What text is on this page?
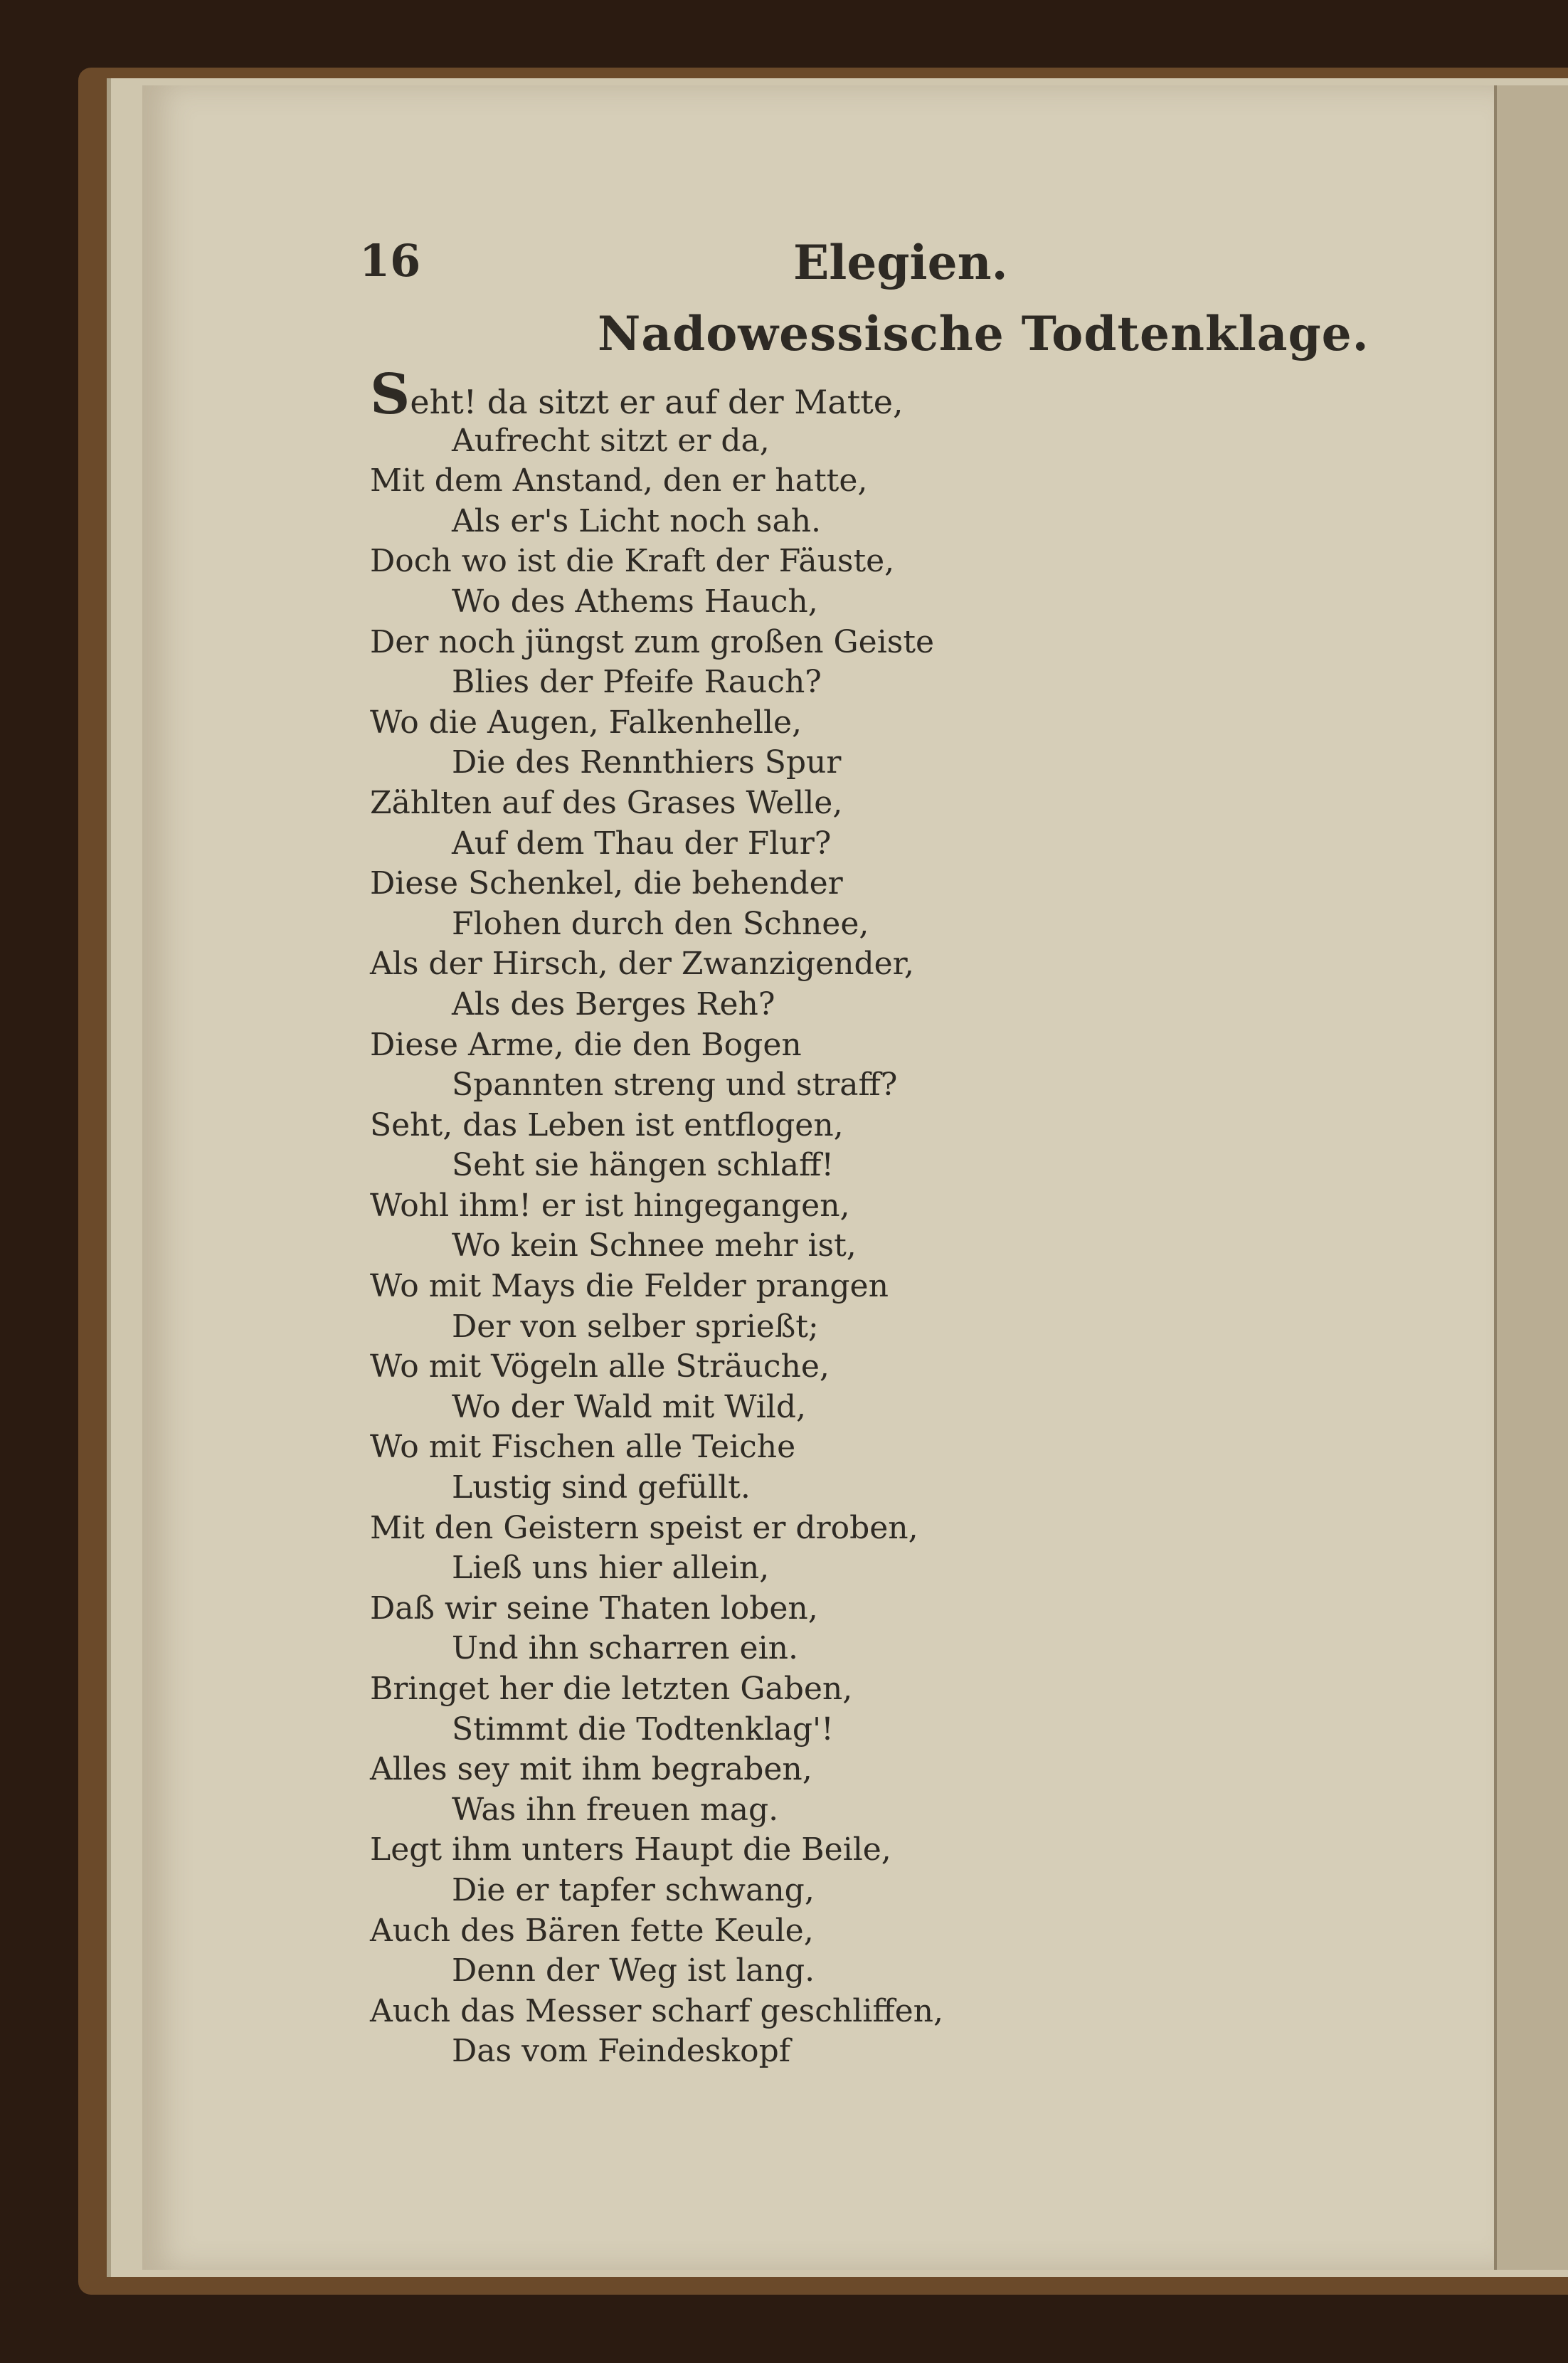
16	Elegien.
Nadowessische Todtenklage.
Seht! da sitzt er auf der Matte,
Aufrecht sitzt er da,
Mit dem Anstand, den er hatte,
Als er's Licht noch sah.
Doch wo ist die Kraft der Fäuste,
Wo des Athems Hauch,
Der noch jüngst zum großen Geiste
Blies der Pfeife Rauch?
Wo die Augen, Falkenhelle,
Die des Rennthiers Spur
Zählten auf des Grases Welle,
Auf dem Thau der Flur?
Diese Schenkel, die behender
Flohen durch den Schnee,
Als der Hirsch, der Zwanzigender,
Als des Berges Reh?
Diese Arme, die den Bogen
Spannten streng und straff?
Seht, das Leben ist entflogen,
Seht sie hängen schlaff!
Wohl ihm! er ist hingegangen,
Wo kein Schnee mehr ist,
Wo mit Mays die Felder prangen
Der von selber sprießt;
Wo mit Vögeln alle Sträuche,
Wo der Wald mit Wild,
Wo mit Fischen alle Teiche
Lustig sind gefüllt.
Mit den Geistern speist er droben,
Ließ uns hier allein,
Daß wir seine Thaten loben,
Und ihn scharren ein.
Bringet her die letzten Gaben,
Stimmt die Todtenklag'!
Alles sey mit ihm begraben,
Was ihn freuen mag.
Legt ihm unters Haupt die Beile,
Die er tapfer schwang,
Auch des Bären fette Keule,
Denn der Weg ist lang.
Auch das Messer scharf geschliffen,
Das vom Feindeskopf
